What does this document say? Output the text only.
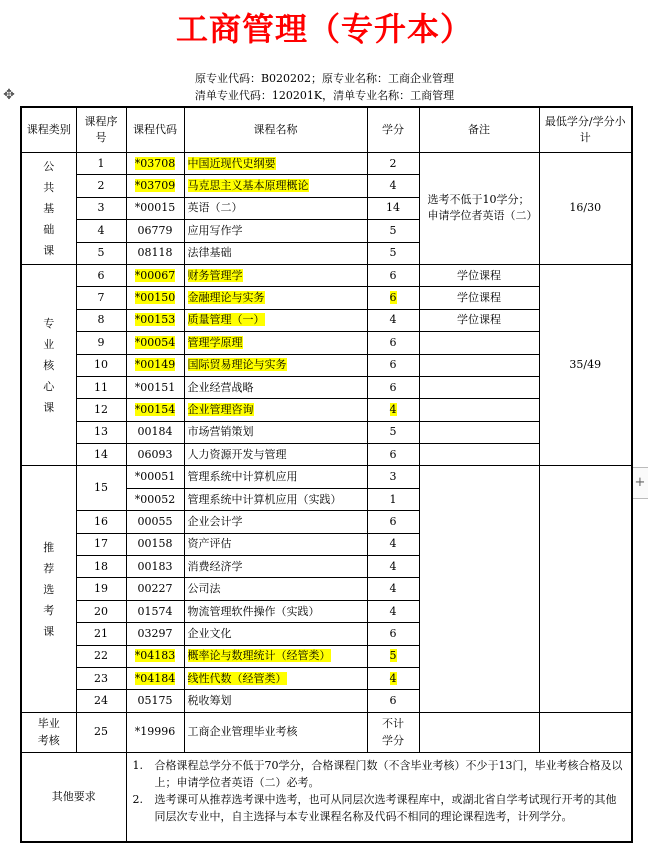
工商管理（专升本）
原专业代码：B020202；原专业名称：工商企业管理
清单专业代码：120201K，清单专业名称：工商管理
✥
+
课程类别	课程序号	课程代码	课程名称	学分	备注	最低学分/学分小计
公共基础课	1	*03708	中国近现代史纲要	2	选考不低于10学分；申请学位者英语（二）	16/30
	2	*03709	马克思主义基本原理概论	4		
	3	*00015	英语（二）	14		
	4	06779	应用写作学	5		
	5	08118	法律基础	5		
专业核心课	6	*00067	财务管理学	6	学位课程	35/49
	7	*00150	金融理论与实务	6	学位课程	
	8	*00153	质量管理（一）	4	学位课程	
	9	*00054	管理学原理	6		
	10	*00149	国际贸易理论与实务	6		
	11	*00151	企业经营战略	6		
	12	*00154	企业管理咨询	4		
	13	00184	市场营销策划	5		
	14	06093	人力资源开发与管理	6		
推荐选考课	15	*00051	管理系统中计算机应用	3		
		*00052	管理系统中计算机应用（实践）	1		
	16	00055	企业会计学	6		
	17	00158	资产评估	4		
	18	00183	消费经济学	4		
	19	00227	公司法	4		
	20	01574	物流管理软件操作（实践）	4		
	21	03297	企业文化	6		
	22	*04183	概率论与数理统计（经管类）	5		
	23	*04184	线性代数（经管类）	4		
	24	05175	税收筹划	6		
毕业考核	25	*19996	工商企业管理毕业考核	不计学分		
其他要求		1. 合格课程总学分不低于70学分，合格课程门数（不含毕业考核）不少于13门，毕业考核合格及以上；申请学位者英语（二）必考。
2. 选考课可从推荐选考课中选考，也可从同层次选考课程库中，或湖北省自学考试现行开考的其他同层次专业中，自主选择与本专业课程名称及代码不相同的理论课程选考，计列学分。				
